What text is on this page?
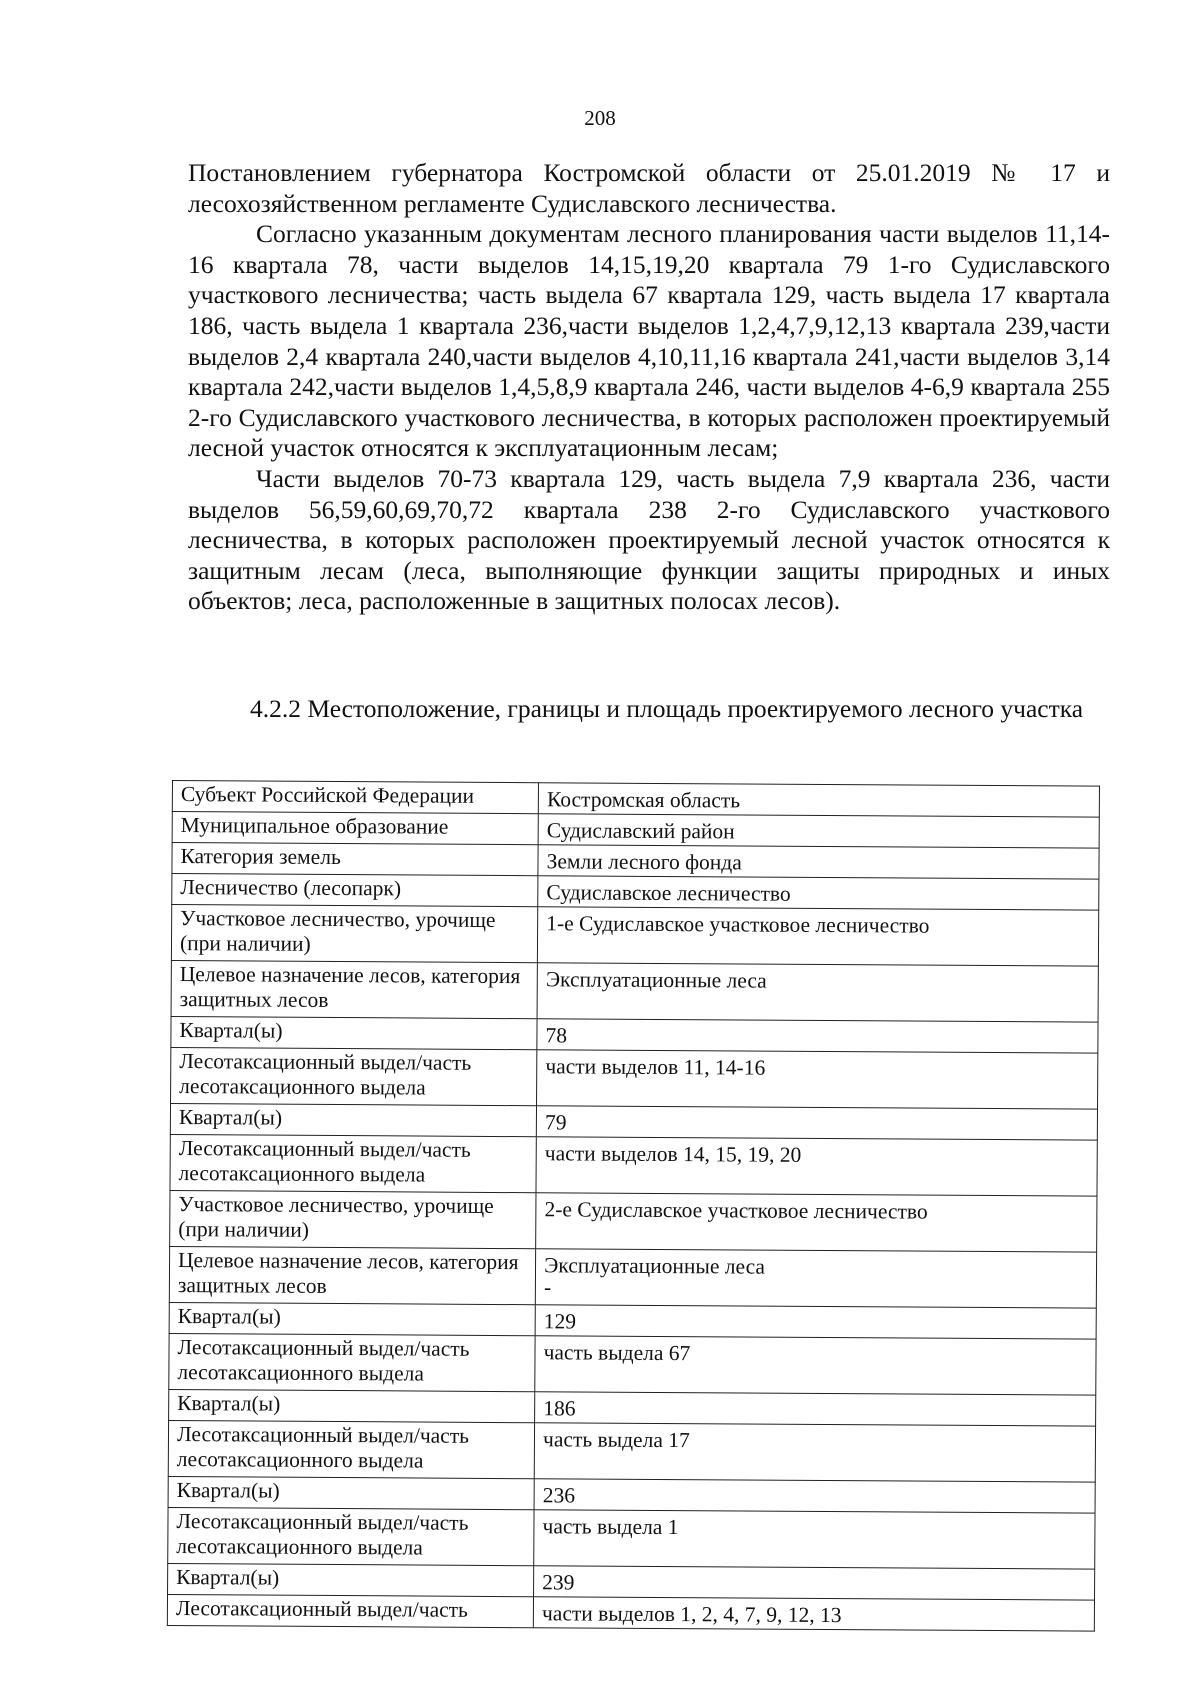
208

Постановлением губернатора Костромской области от 25.01.2019 № 17 и лесохозяйственном регламенте Судиславского лесничества.

Согласно указанным документам лесного планирования части выделов 11,14-16 квартала 78, части выделов 14,15,19,20 квартала 79 1-го Судиславского участкового лесничества; часть выдела 67 квартала 129, часть выдела 17 квартала 186, часть выдела 1 квартала 236,части выделов 1,2,4,7,9,12,13 квартала 239,части выделов 2,4 квартала 240,части выделов 4,10,11,16 квартала 241,части выделов 3,14 квартала 242,части выделов 1,4,5,8,9 квартала 246, части выделов 4-6,9 квартала 255 2-го Судиславского участкового лесничества, в которых расположен проектируемый лесной участок относятся к эксплуатационным лесам;

Части выделов 70-73 квартала 129, часть выдела 7,9 квартала 236, части выделов 56,59,60,69,70,72 квартала 238 2-го Судиславского участкового лесничества, в которых расположен проектируемый лесной участок относятся к защитным лесам (леса, выполняющие функции защиты природных и иных объектов; леса, расположенные в защитных полосах лесов).

4.2.2 Местоположение, границы и площадь проектируемого лесного участка
Субъект Российской Федерации	Костромская область
Муниципальное образование	Судиславский район
Категория земель	Земли лесного фонда
Лесничество (лесопарк)	Судиславское лесничество
Участковое лесничество, урочище (при наличии)	1-е Судиславское участковое лесничество
Целевое назначение лесов, категория защитных лесов	Эксплуатационные леса
Квартал(ы)	78
Лесотаксационный выдел/часть лесотаксационного выдела	части выделов 11, 14-16
Квартал(ы)	79
Лесотаксационный выдел/часть лесотаксационного выдела	части выделов 14, 15, 19, 20
Участковое лесничество, урочище (при наличии)	2-е Судиславское участковое лесничество
Целевое назначение лесов, категория защитных лесов	Эксплуатационные леса
-

Квартал(ы)	129
Лесотаксационный выдел/часть лесотаксационного выдела	часть выдела 67
Квартал(ы)	186
Лесотаксационный выдел/часть лесотаксационного выдела	часть выдела 17
Квартал(ы)	236
Лесотаксационный выдел/часть лесотаксационного выдела	часть выдела 1
Квартал(ы)	239
Лесотаксационный выдел/часть	части выделов 1, 2, 4, 7, 9, 12, 13
